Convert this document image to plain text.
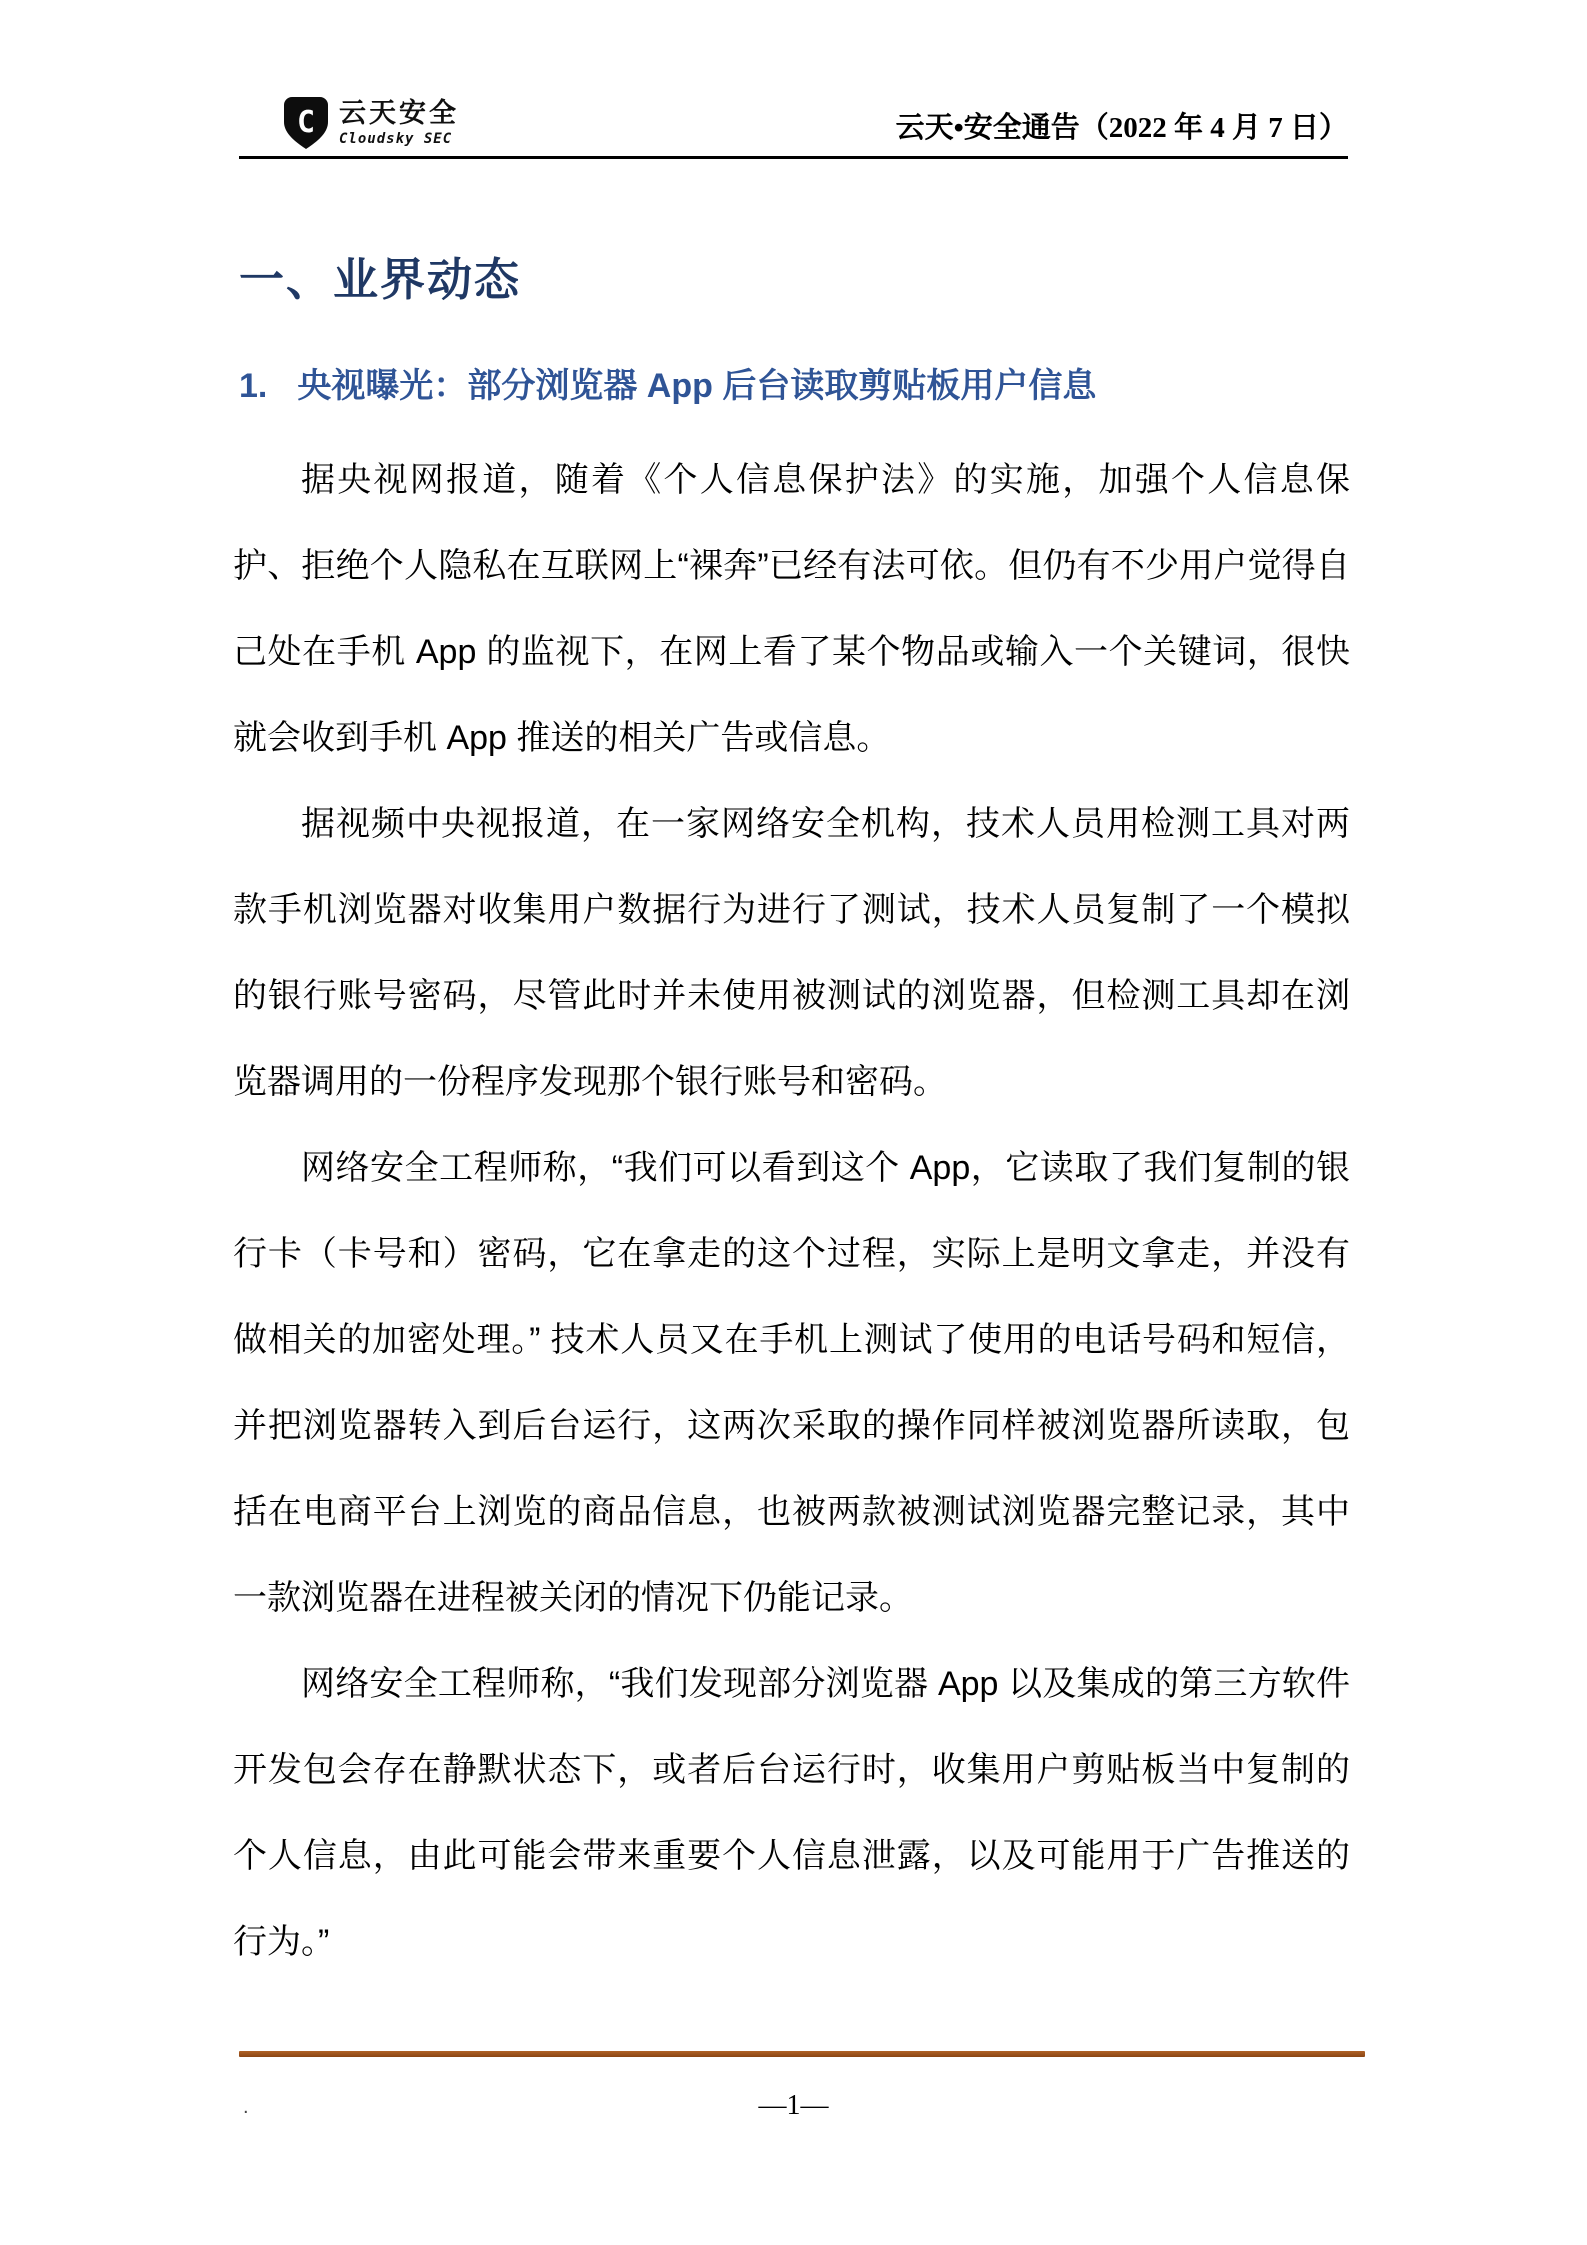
C 云天安全
Cloudsky SEC	云天•安全通告（2022 年 4 月 7 日）
一、业界动态
1. 央视曝光：部分浏览器 App 后台读取剪贴板用户信息

据央视网报道，随着《个人信息保护法》的实施，加强个人信息保护、拒绝个人隐私在互联网上“裸奔”已经有法可依。但仍有不少用户觉得自己处在手机 App 的监视下，在网上看了某个物品或输入一个关键词，很快就会收到手机 App 推送的相关广告或信息。

据视频中央视报道，在一家网络安全机构，技术人员用检测工具对两款手机浏览器对收集用户数据行为进行了测试，技术人员复制了一个模拟的银行账号密码，尽管此时并未使用被测试的浏览器，但检测工具却在浏览器调用的一份程序发现那个银行账号和密码。

网络安全工程师称，“我们可以看到这个 App，它读取了我们复制的银行卡（卡号和）密码，它在拿走的这个过程，实际上是明文拿走，并没有做相关的加密处理。” 技术人员又在手机上测试了使用的电话号码和短信，并把浏览器转入到后台运行，这两次采取的操作同样被浏览器所读取，包括在电商平台上浏览的商品信息，也被两款被测试浏览器完整记录，其中一款浏览器在进程被关闭的情况下仍能记录。

网络安全工程师称，“我们发现部分浏览器 App 以及集成的第三方软件开发包会存在静默状态下，或者后台运行时，收集用户剪贴板当中复制的个人信息，由此可能会带来重要个人信息泄露，以及可能用于广告推送的行为。”

.	—1—
